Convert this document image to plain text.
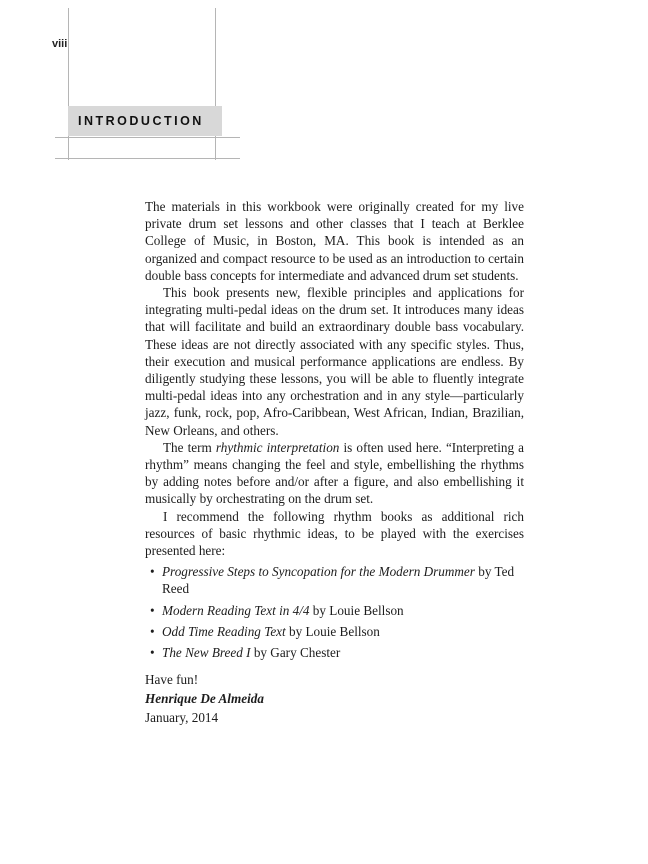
viii
INTRODUCTION

The materials in this workbook were originally created for my live private drum set lessons and other classes that I teach at Berklee College of Music, in Boston, MA. This book is intended as an organized and compact resource to be used as an introduction to certain double bass concepts for intermediate and advanced drum set students.

This book presents new, flexible principles and applications for integrating multi-pedal ideas on the drum set. It introduces many ideas that will facilitate and build an extraordinary double bass vocabulary. These ideas are not directly associated with any specific styles. Thus, their execution and musical performance applications are endless. By diligently studying these lessons, you will be able to fluently integrate multi-pedal ideas into any orchestration and in any style—particularly jazz, funk, rock, pop, Afro-Caribbean, West African, Indian, Brazilian, New Orleans, and others.

The term rhythmic interpretation is often used here. “Interpreting a rhythm” means changing the feel and style, embellishing the rhythms by adding notes before and/or after a figure, and also embellishing it musically by orchestrating on the drum set.

I recommend the following rhythm books as additional rich resources of basic rhythmic ideas, to be played with the exercises presented here:

• Progressive Steps to Syncopation for the Modern Drummer by Ted Reed
• Modern Reading Text in 4/4 by Louie Bellson
• Odd Time Reading Text by Louie Bellson
• The New Breed I by Gary Chester

Have fun!

Henrique De Almeida

January, 2014
